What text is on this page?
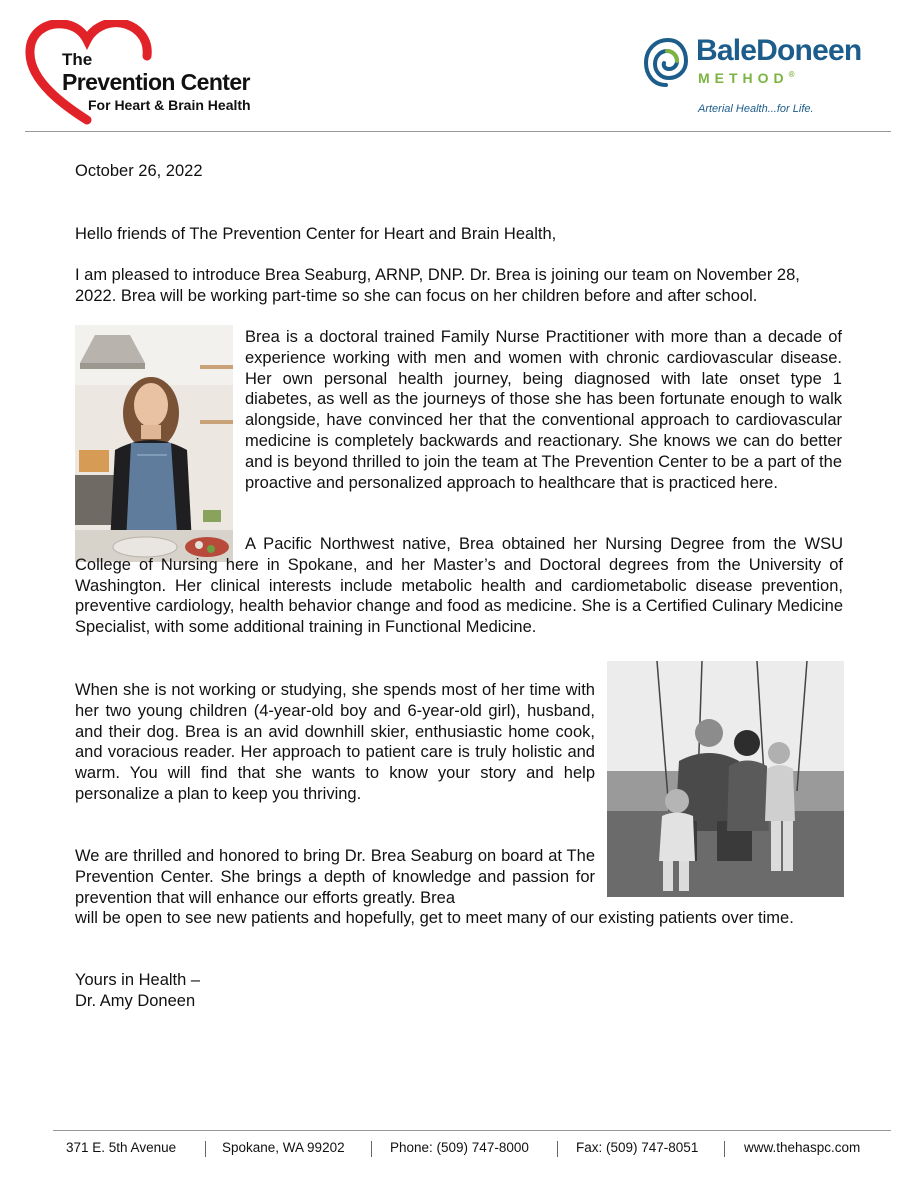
The
Prevention Center
For Heart & Brain Health
BaleDoneen
METHOD®
Arterial Health...for Life.
October 26, 2022
Hello friends of The Prevention Center for Heart and Brain Health,
I am pleased to introduce Brea Seaburg, ARNP, DNP. Dr. Brea is joining our team on November 28, 2022. Brea will be working part-time so she can focus on her children before and after school.
Brea is a doctoral trained Family Nurse Practitioner with more than a decade of experience working with men and women with chronic cardiovascular disease. Her own personal health journey, being diagnosed with late onset type 1 diabetes, as well as the journeys of those she has been fortunate enough to walk alongside, have convinced her that the conventional approach to cardiovascular medicine is completely backwards and reactionary. She knows we can do better and is beyond thrilled to join the team at The Prevention Center to be a part of the proactive and personalized approach to healthcare that is practiced here.
A Pacific Northwest native, Brea obtained her Nursing Degree from the WSU College of Nursing here in Spokane, and her Master’s and Doctoral degrees from the University of Washington. Her clinical interests include metabolic health and cardiometabolic disease prevention, preventive cardiology, health behavior change and food as medicine. She is a Certified Culinary Medicine Specialist, with some additional training in Functional Medicine.
When she is not working or studying, she spends most of her time with her two young children (4-year-old boy and 6-year-old girl), husband, and their dog. Brea is an avid downhill skier, enthusiastic home cook, and voracious reader. Her approach to patient care is truly holistic and warm. You will find that she wants to know your story and help personalize a plan to keep you thriving.
We are thrilled and honored to bring Dr. Brea Seaburg on board at The Prevention Center. She brings a depth of knowledge and passion for prevention that will enhance our efforts greatly. Brea
will be open to see new patients and hopefully, get to meet many of our existing patients over time.
Yours in Health –
Dr. Amy Doneen
371 E. 5th Avenue	Spokane, WA 99202	Phone: (509) 747-8000	Fax: (509) 747-8051	www.thehaspc.com
